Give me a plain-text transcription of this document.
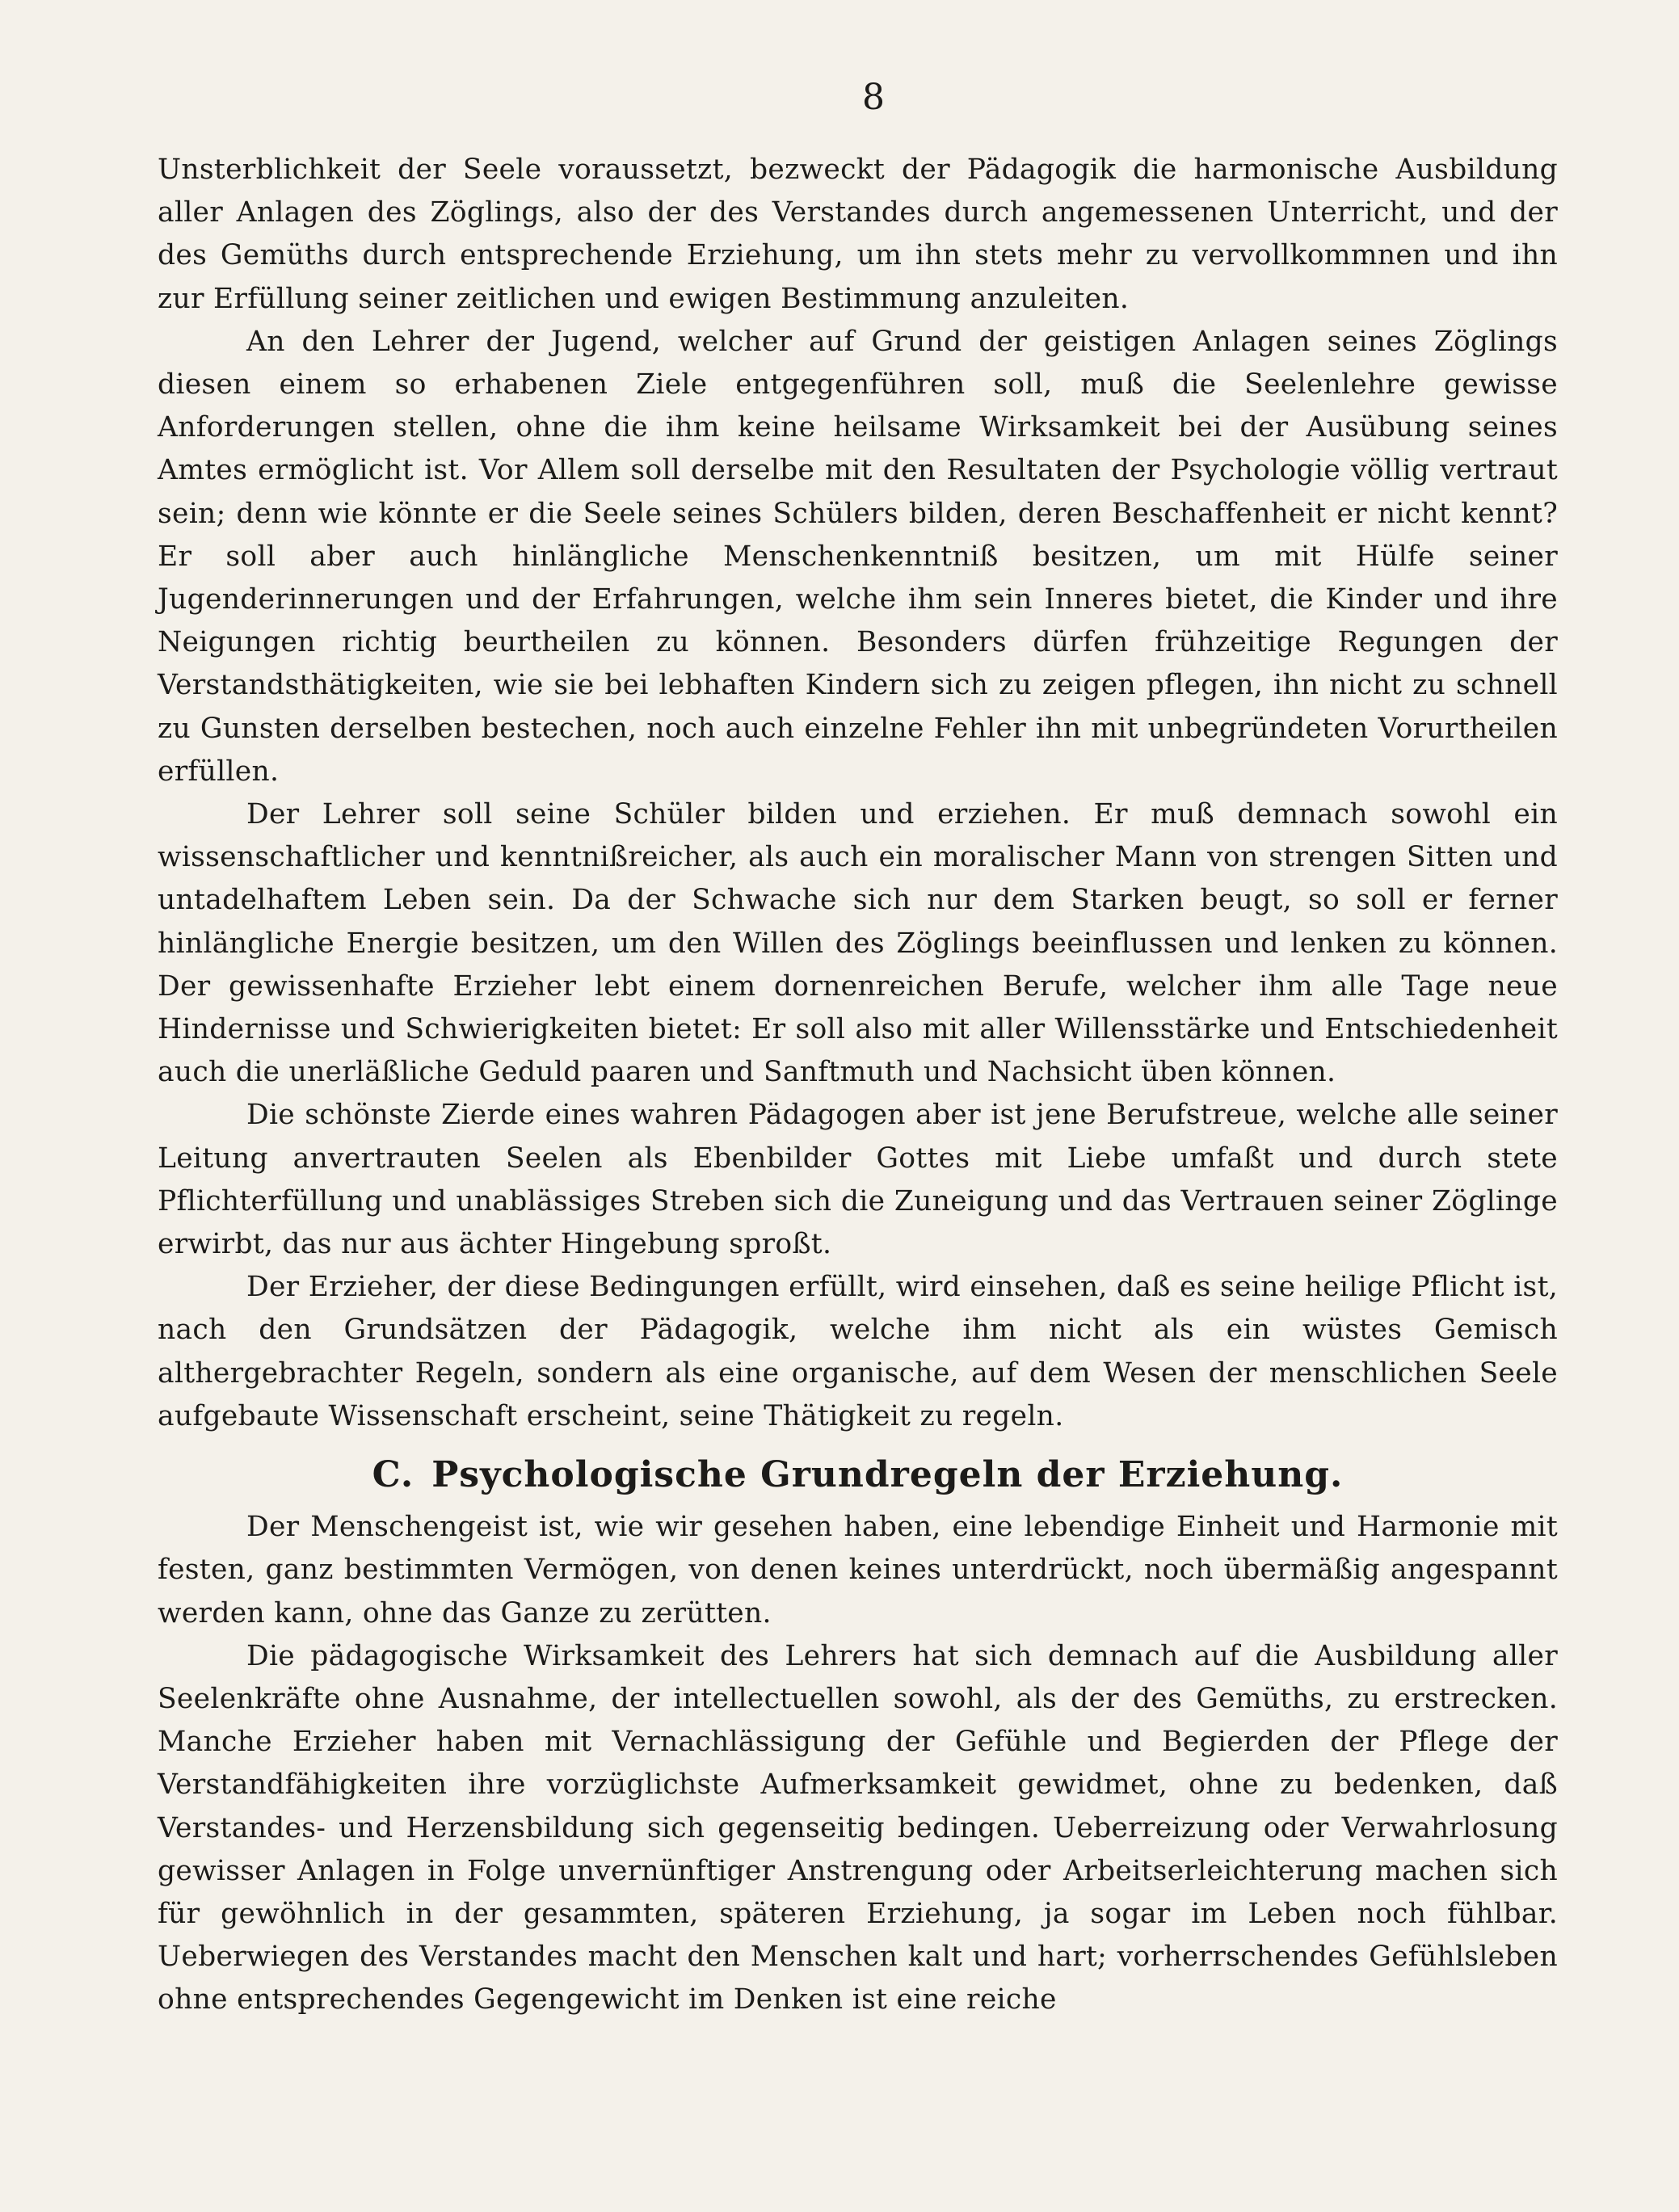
8

Unsterblichkeit der Seele voraussetzt, bezweckt der Pädagogik die harmonische Ausbildung aller Anlagen des Zöglings, also der des Verstandes durch angemessenen Unterricht, und der des Gemüths durch entsprechende Erziehung, um ihn stets mehr zu vervollkommnen und ihn zur Erfüllung seiner zeitlichen und ewigen Bestimmung anzuleiten.

An den Lehrer der Jugend, welcher auf Grund der geistigen Anlagen seines Zöglings diesen einem so erhabenen Ziele entgegenführen soll, muß die Seelenlehre gewisse Anforderungen stellen, ohne die ihm keine heilsame Wirksamkeit bei der Ausübung seines Amtes ermöglicht ist. Vor Allem soll derselbe mit den Resultaten der Psychologie völlig vertraut sein; denn wie könnte er die Seele seines Schülers bilden, deren Beschaffenheit er nicht kennt? Er soll aber auch hinlängliche Menschenkenntniß besitzen, um mit Hülfe seiner Jugenderinnerungen und der Erfahrungen, welche ihm sein Inneres bietet, die Kinder und ihre Neigungen richtig beurtheilen zu können. Besonders dürfen frühzeitige Regungen der Verstandsthätigkeiten, wie sie bei lebhaften Kindern sich zu zeigen pflegen, ihn nicht zu schnell zu Gunsten derselben bestechen, noch auch einzelne Fehler ihn mit unbegründeten Vorurtheilen erfüllen.

Der Lehrer soll seine Schüler bilden und erziehen. Er muß demnach sowohl ein wissenschaftlicher und kenntnißreicher, als auch ein moralischer Mann von strengen Sitten und untadelhaftem Leben sein. Da der Schwache sich nur dem Starken beugt, so soll er ferner hinlängliche Energie besitzen, um den Willen des Zöglings beeinflussen und lenken zu können. Der gewissenhafte Erzieher lebt einem dornenreichen Berufe, welcher ihm alle Tage neue Hindernisse und Schwierigkeiten bietet: Er soll also mit aller Willensstärke und Entschiedenheit auch die unerläßliche Geduld paaren und Sanftmuth und Nachsicht üben können.

Die schönste Zierde eines wahren Pädagogen aber ist jene Berufstreue, welche alle seiner Leitung anvertrauten Seelen als Ebenbilder Gottes mit Liebe umfaßt und durch stete Pflichterfüllung und unablässiges Streben sich die Zuneigung und das Vertrauen seiner Zöglinge erwirbt, das nur aus ächter Hingebung sproßt.

Der Erzieher, der diese Bedingungen erfüllt, wird einsehen, daß es seine heilige Pflicht ist, nach den Grundsätzen der Pädagogik, welche ihm nicht als ein wüstes Gemisch althergebrachter Regeln, sondern als eine organische, auf dem Wesen der menschlichen Seele aufgebaute Wissenschaft erscheint, seine Thätigkeit zu regeln.

C. Psychologische Grundregeln der Erziehung.

Der Menschengeist ist, wie wir gesehen haben, eine lebendige Einheit und Harmonie mit festen, ganz bestimmten Vermögen, von denen keines unterdrückt, noch übermäßig angespannt werden kann, ohne das Ganze zu zerütten.

Die pädagogische Wirksamkeit des Lehrers hat sich demnach auf die Ausbildung aller Seelenkräfte ohne Ausnahme, der intellectuellen sowohl, als der des Gemüths, zu erstrecken. Manche Erzieher haben mit Vernachlässigung der Gefühle und Begierden der Pflege der Verstandfähigkeiten ihre vorzüglichste Aufmerksamkeit gewidmet, ohne zu bedenken, daß Verstandes- und Herzensbildung sich gegenseitig bedingen. Ueberreizung oder Verwahrlosung gewisser Anlagen in Folge unvernünftiger Anstrengung oder Arbeitserleichterung machen sich für gewöhnlich in der gesammten, späteren Erziehung, ja sogar im Leben noch fühlbar. Ueberwiegen des Verstandes macht den Menschen kalt und hart; vorherrschendes Gefühlsleben ohne entsprechendes Gegengewicht im Denken ist eine reiche
